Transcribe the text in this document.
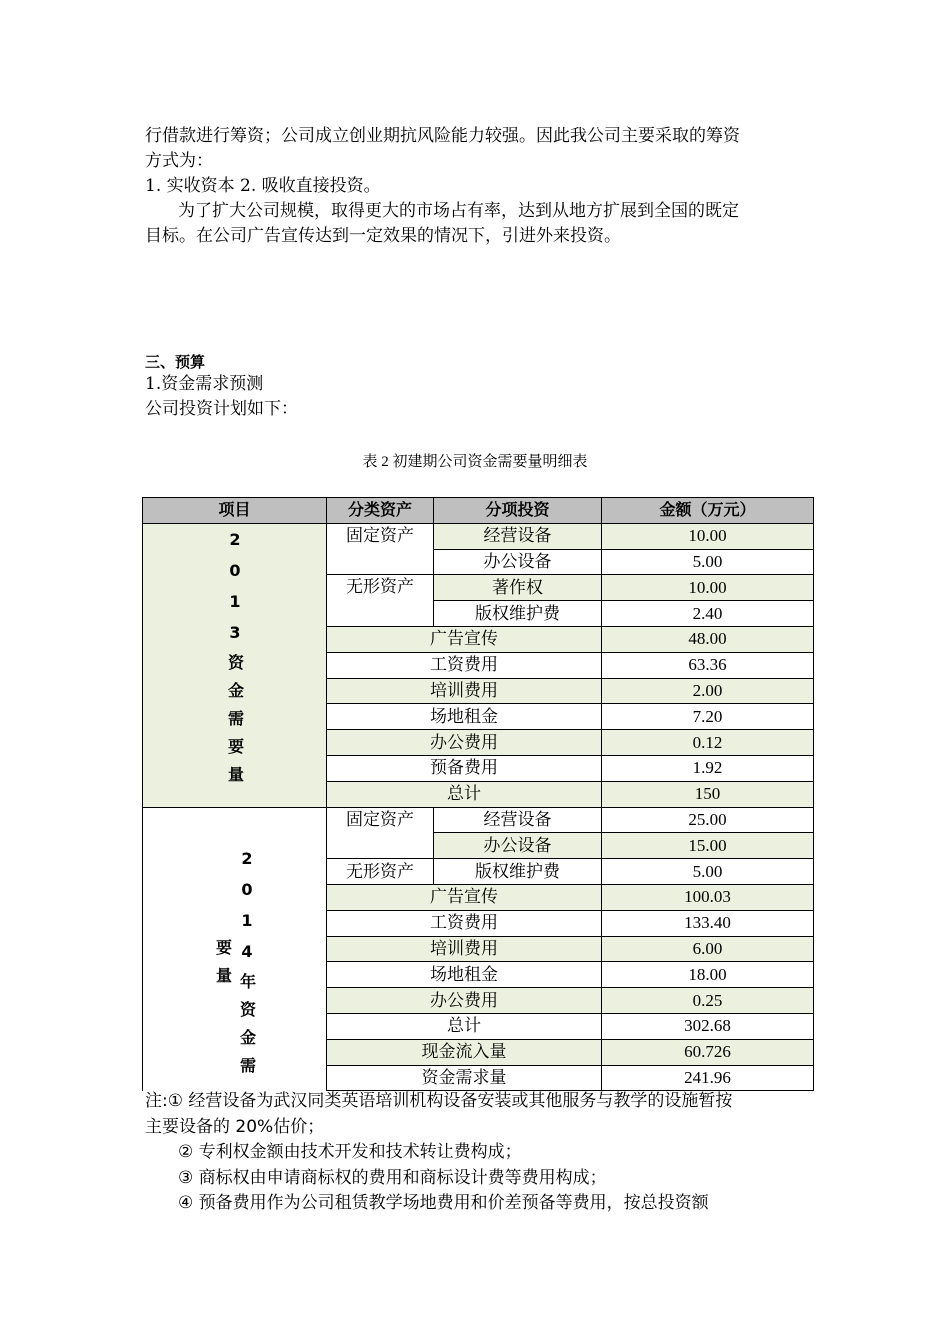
行借款进行筹资；公司成立创业期抗风险能力较强。因此我公司主要采取的筹资
方式为：
1. 实收资本 2. 吸收直接投资。
为了扩大公司规模，取得更大的市场占有率，达到从地方扩展到全国的既定
目标。在公司广告宣传达到一定效果的情况下，引进外来投资。
三、预算
1.资金需求预测
公司投资计划如下：
表 2 初建期公司资金需要量明细表
项目	分类资产	分项投资	金额（万元）
2013资金需要量	固定资产	经营设备	10.00
		办公设备	5.00
	无形资产	著作权	10.00
		版权维护费	2.40
	广告宣传		48.00
	工资费用		63.36
	培训费用		2.00
	场地租金		7.20
	办公费用		0.12
	预备费用		1.92
	总计		150
2014年资金需要量	固定资产	经营设备	25.00
		办公设备	15.00
	无形资产	版权维护费	5.00
	广告宣传		100.03
	工资费用		133.40
	培训费用		6.00
	场地租金		18.00
	办公费用		0.25
	总计		302.68
	现金流入量		60.726
	资金需求量		241.96
注:① 经营设备为武汉同类英语培训机构设备安装或其他服务与教学的设施暂按
主要设备的 20%估价；
② 专利权金额由技术开发和技术转让费构成；
③ 商标权由申请商标权的费用和商标设计费等费用构成；
④ 预备费用作为公司租赁教学场地费用和价差预备等费用，按总投资额
